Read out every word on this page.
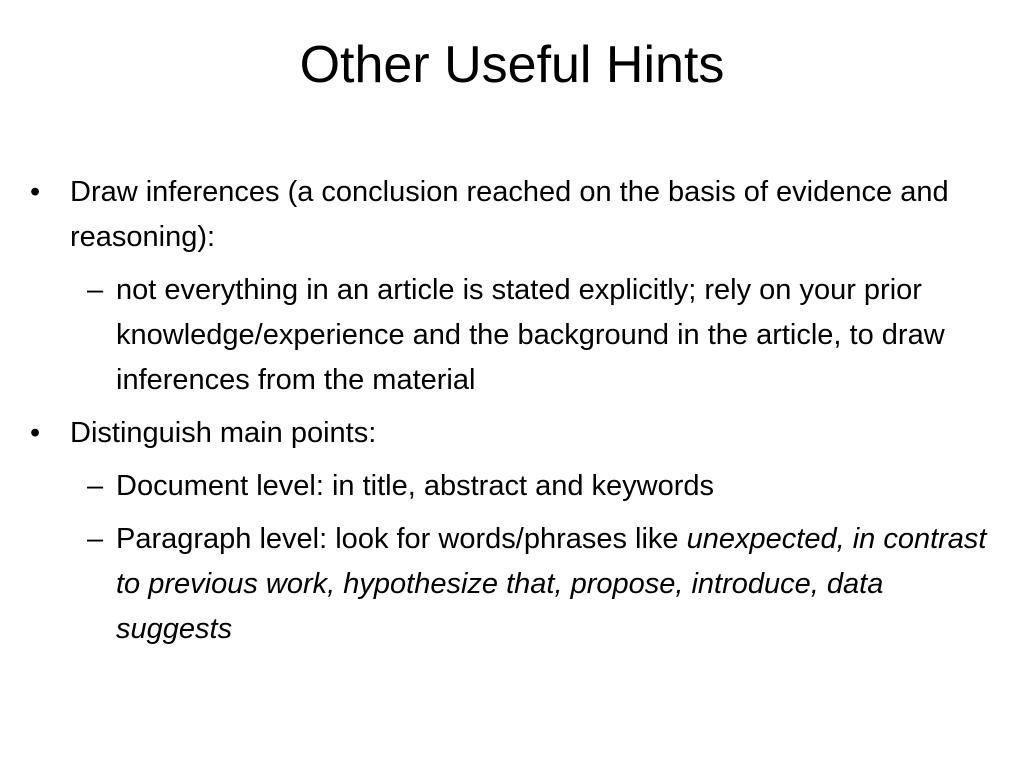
Other Useful Hints
• Draw inferences (a conclusion reached on the basis of evidence and reasoning):
– not everything in an article is stated explicitly; rely on your prior knowledge/experience and the background in the article, to draw inferences from the material
• Distinguish main points:
– Document level: in title, abstract and keywords
– Paragraph level: look for words/phrases like unexpected, in contrast to previous work, hypothesize that, propose, introduce, data suggests
